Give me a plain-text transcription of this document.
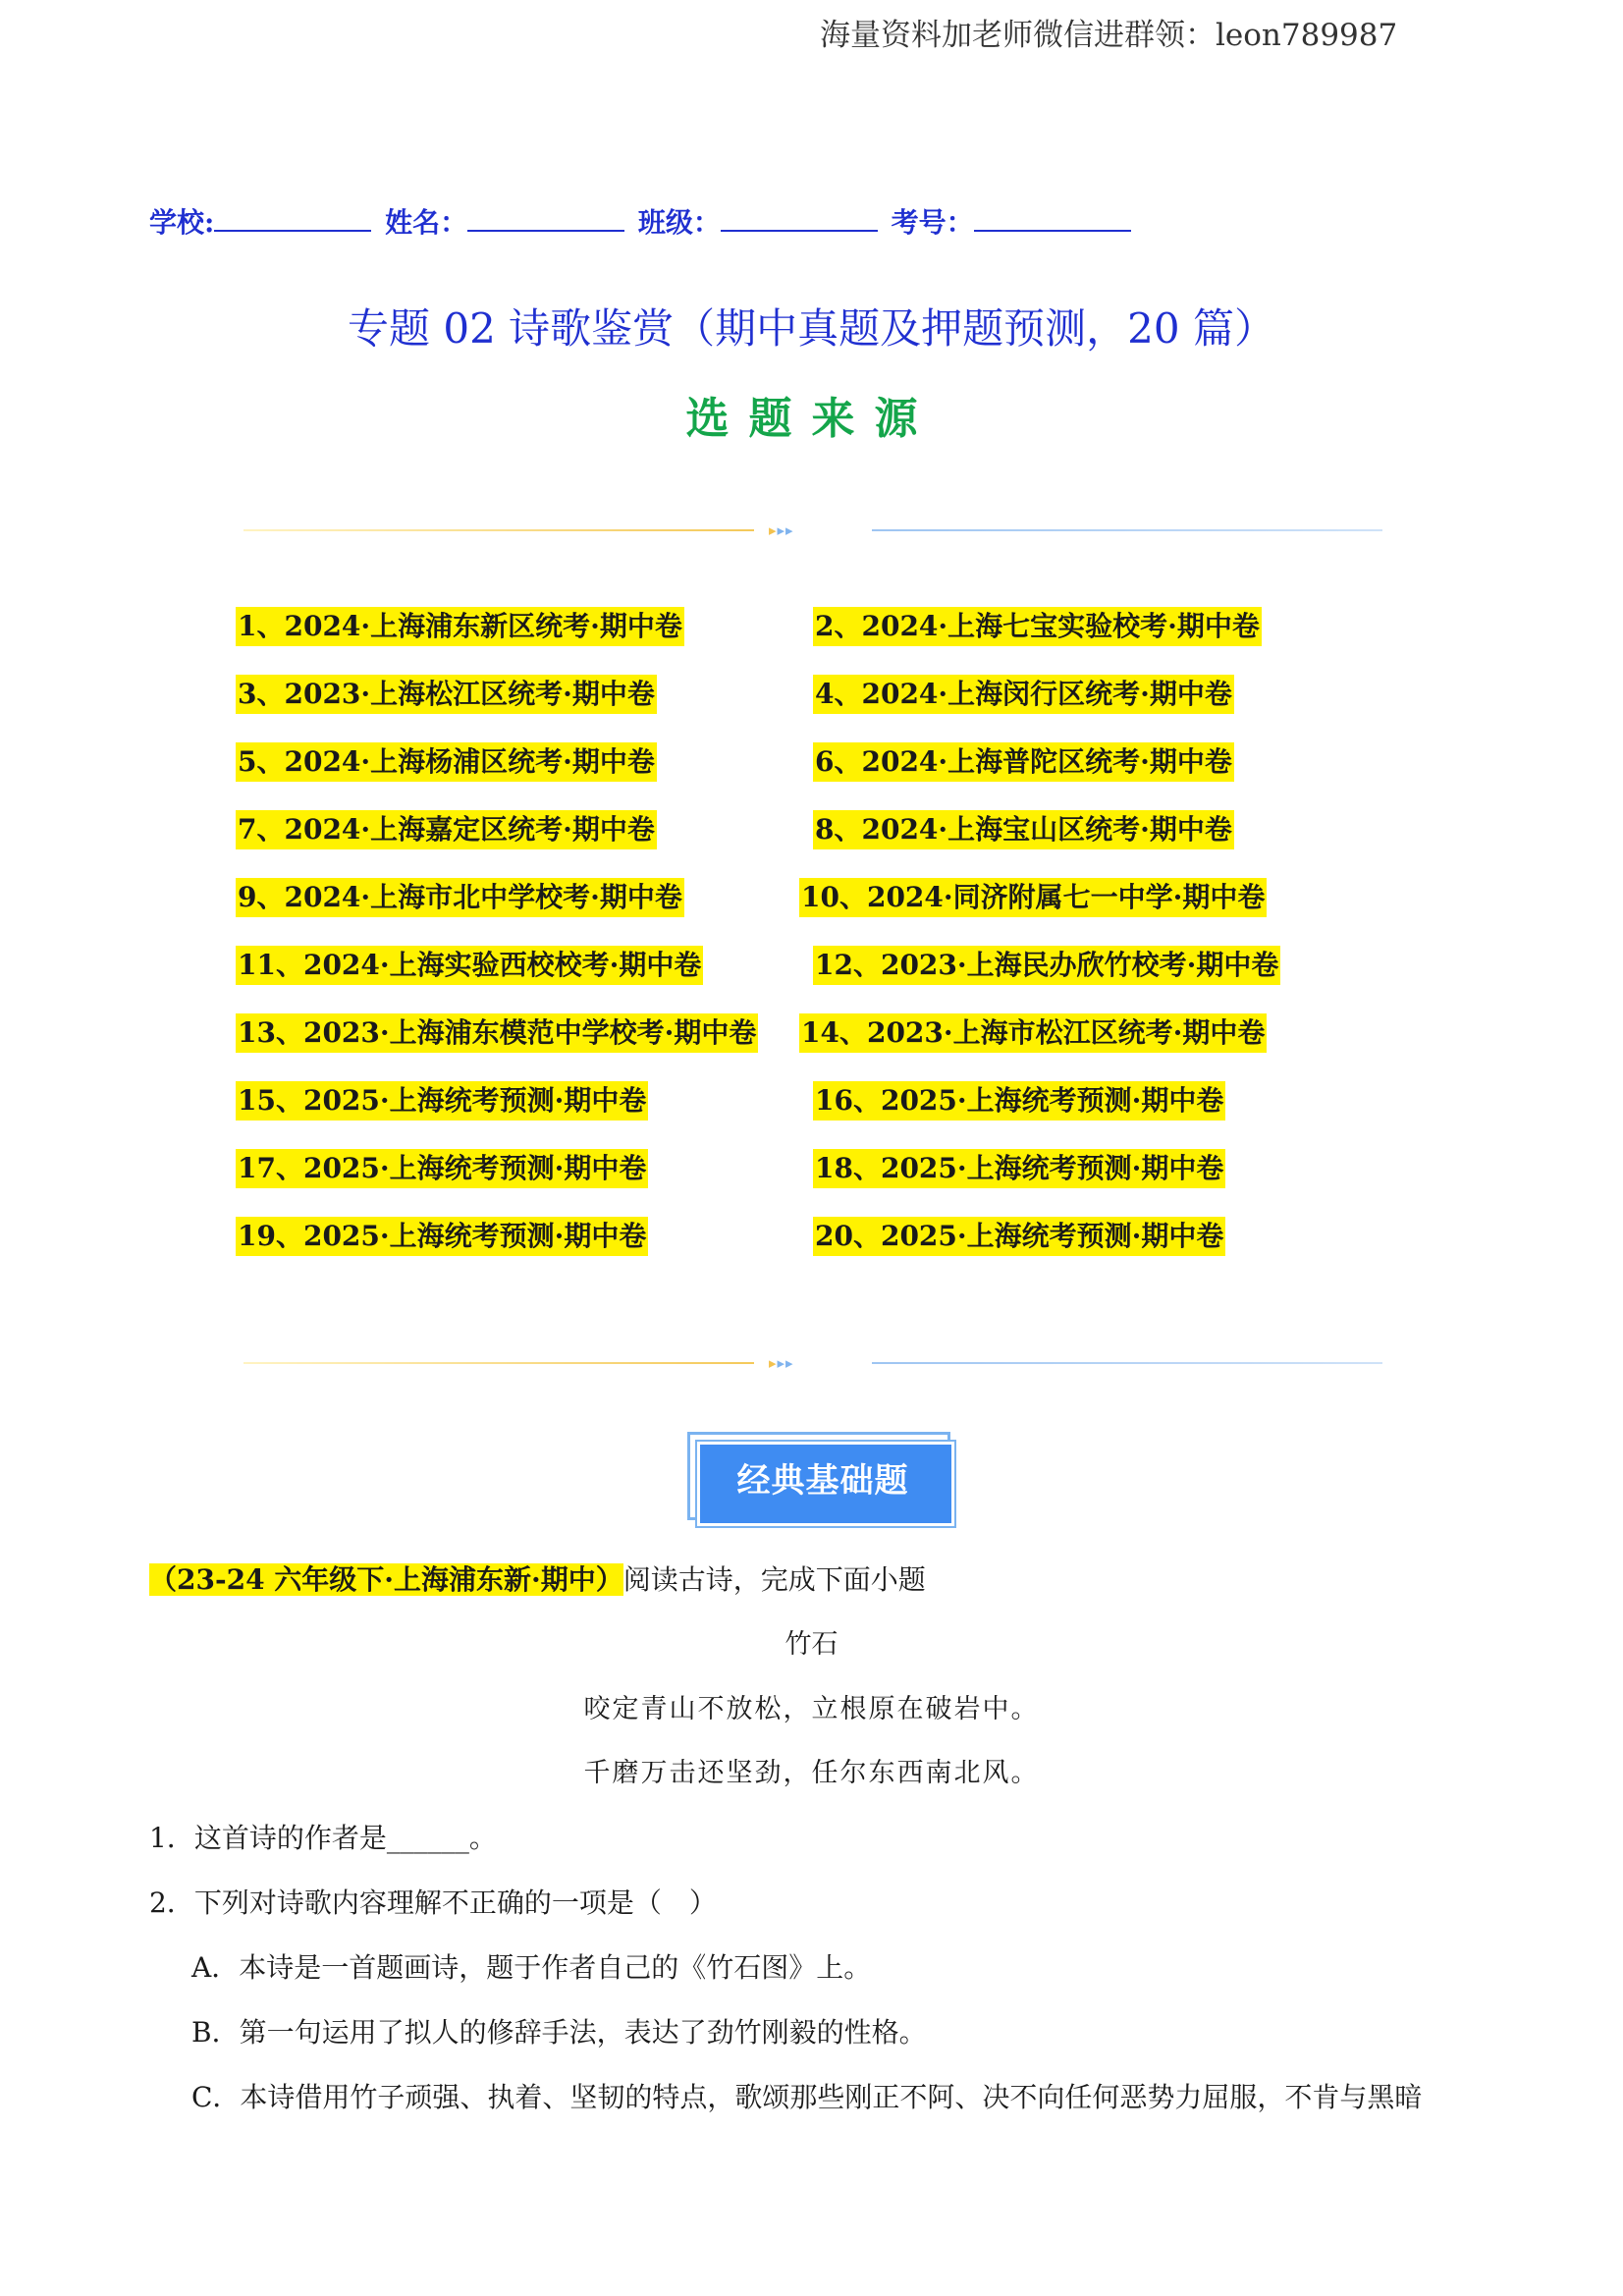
海量资料加老师微信进群领：leon789987
学校:	姓名：	班级：	考号：
专题 02 诗歌鉴赏（期中真题及押题预测，20 篇）
选题来源
▸▸▸
1、2024·上海浦东新区统考·期中卷	2、2024·上海七宝实验校考·期中卷
3、2023·上海松江区统考·期中卷	4、2024·上海闵行区统考·期中卷
5、2024·上海杨浦区统考·期中卷	6、2024·上海普陀区统考·期中卷
7、2024·上海嘉定区统考·期中卷	8、2024·上海宝山区统考·期中卷
9、2024·上海市北中学校考·期中卷	10、2024·同济附属七一中学·期中卷
11、2024·上海实验西校校考·期中卷	12、2023·上海民办欣竹校考·期中卷
13、2023·上海浦东模范中学校考·期中卷 14、2023·上海市松江区统考·期中卷
15、2025·上海统考预测·期中卷	16、2025·上海统考预测·期中卷
17、2025·上海统考预测·期中卷	18、2025·上海统考预测·期中卷
19、2025·上海统考预测·期中卷	20、2025·上海统考预测·期中卷
▸▸▸
经典基础题
（23-24 六年级下·上海浦东新·期中）阅读古诗，完成下面小题
竹石
咬定青山不放松，立根原在破岩中。
千磨万击还坚劲，任尔东西南北风。
1．这首诗的作者是______。
2．下列对诗歌内容理解不正确的一项是（　）
A．本诗是一首题画诗，题于作者自己的《竹石图》上。
B．第一句运用了拟人的修辞手法，表达了劲竹刚毅的性格。
C．本诗借用竹子顽强、执着、坚韧的特点，歌颂那些刚正不阿、决不向任何恶势力屈服，不肯与黑暗
